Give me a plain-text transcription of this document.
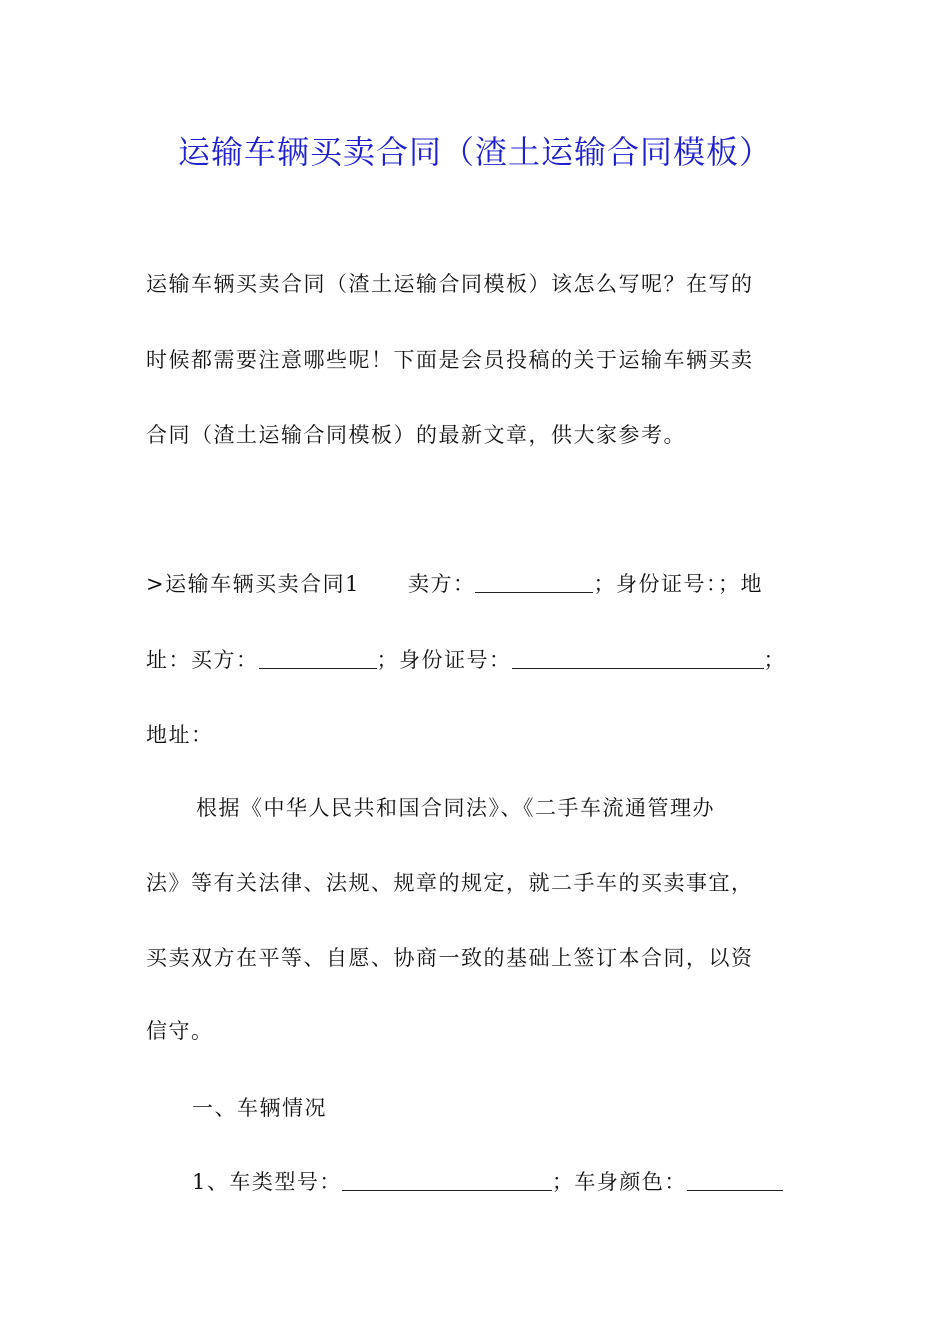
运输车辆买卖合同（渣土运输合同模板）
运输车辆买卖合同（渣土运输合同模板）该怎么写呢？在写的
时候都需要注意哪些呢！下面是会员投稿的关于运输车辆买卖
合同（渣土运输合同模板）的最新文章，供大家参考。
>运输车辆买卖合同1 卖方：	；身份证号：；地
址：买方：	；身份证号：	；
地址：
根据《中华人民共和国合同法》、《二手车流通管理办
法》等有关法律、法规、规章的规定，就二手车的买卖事宜，
买卖双方在平等、自愿、协商一致的基础上签订本合同，以资
信守。
一、车辆情况
1、车类型号：	；车身颜色：
